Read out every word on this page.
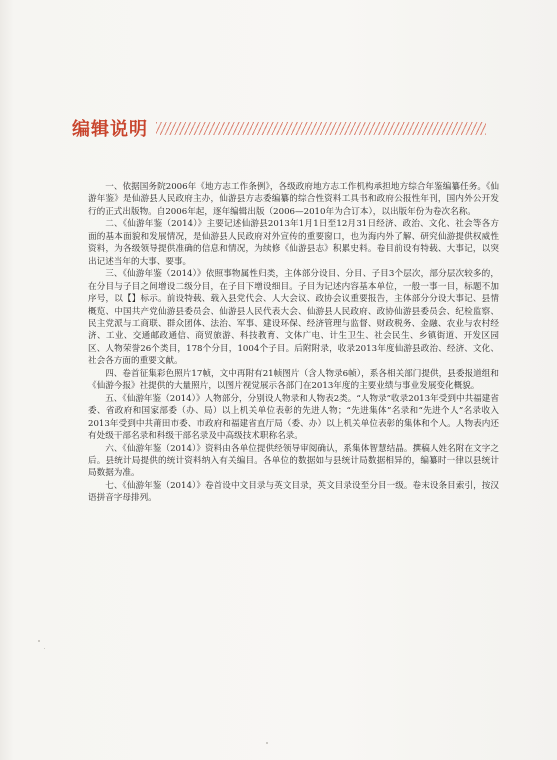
编辑说明

一、依据国务院2006年《地方志工作条例》，各级政府地方志工作机构承担地方综合年鉴编纂任务。《仙游年鉴》是仙游县人民政府主办，仙游县方志委编纂的综合性资料工具书和政府公报性年刊，国内外公开发行的正式出版物。自2006年起，逐年编辑出版（2006—2010年为合订本），以出版年份为卷次名称。

二、《仙游年鉴（2014）》主要记述仙游县2013年1月1日至12月31日经济、政治、文化、社会等各方面的基本面貌和发展情况，是仙游县人民政府对外宣传的重要窗口，也为海内外了解、研究仙游提供权威性资料，为各级领导提供准确的信息和情况，为续修《仙游县志》积累史料。卷目前设有特载、大事记，以突出记述当年的大事、要事。

三、《仙游年鉴（2014）》依照事物属性归类，主体部分设目、分目、子目3个层次，部分层次较多的，在分目与子目之间增设二级分目，在子目下增设细目。子目为记述内容基本单位，一般一事一目，标题不加序号，以【】标示。前设特载、载入县党代会、人大会议、政协会议重要报告，主体部分分设大事记、县情概览、中国共产党仙游县委员会、仙游县人民代表大会、仙游县人民政府、政协仙游县委员会、纪检监察、民主党派与工商联、群众团体、法治、军事、建设环保、经济管理与监督、财政税务、金融、农业与农村经济、工业、交通邮政通信、商贸旅游、科技教育、文体广电、计生卫生、社会民生、乡镇街道、开发区园区、人物荣誉26个类目，178个分目，1004个子目。后附附录，收录2013年度仙游县政治、经济、文化、社会各方面的重要文献。

四、卷首征集彩色照片17帧，文中再附有21帧图片（含人物录6帧），系各相关部门提供，县委报道组和《仙游今报》社提供的大量照片，以图片视觉展示各部门在2013年度的主要业绩与事业发展变化概貌。

五、《仙游年鉴（2014）》人物部分，分别设人物录和人物表2类。“人物录”收录2013年受到中共福建省委、省政府和国家部委（办、局）以上机关单位表彰的先进人物；“先进集体”名录和“先进个人”名录收入2013年受到中共莆田市委、市政府和福建省直厅局（委、办）以上机关单位表彰的集体和个人。人物表内还有处级干部名录和科级干部名录及中高级技术职称名录。

六、《仙游年鉴（2014）》资料由各单位提供经领导审阅确认，系集体智慧结晶。撰稿人姓名附在文字之后。县统计局提供的统计资料纳入有关编目。各单位的数据如与县统计局数据相异的，编纂时一律以县统计局数据为准。

七、《仙游年鉴（2014）》卷首设中文目录与英文目录，英文目录设至分目一级。卷末设条目索引，按汉语拼音字母排列。
